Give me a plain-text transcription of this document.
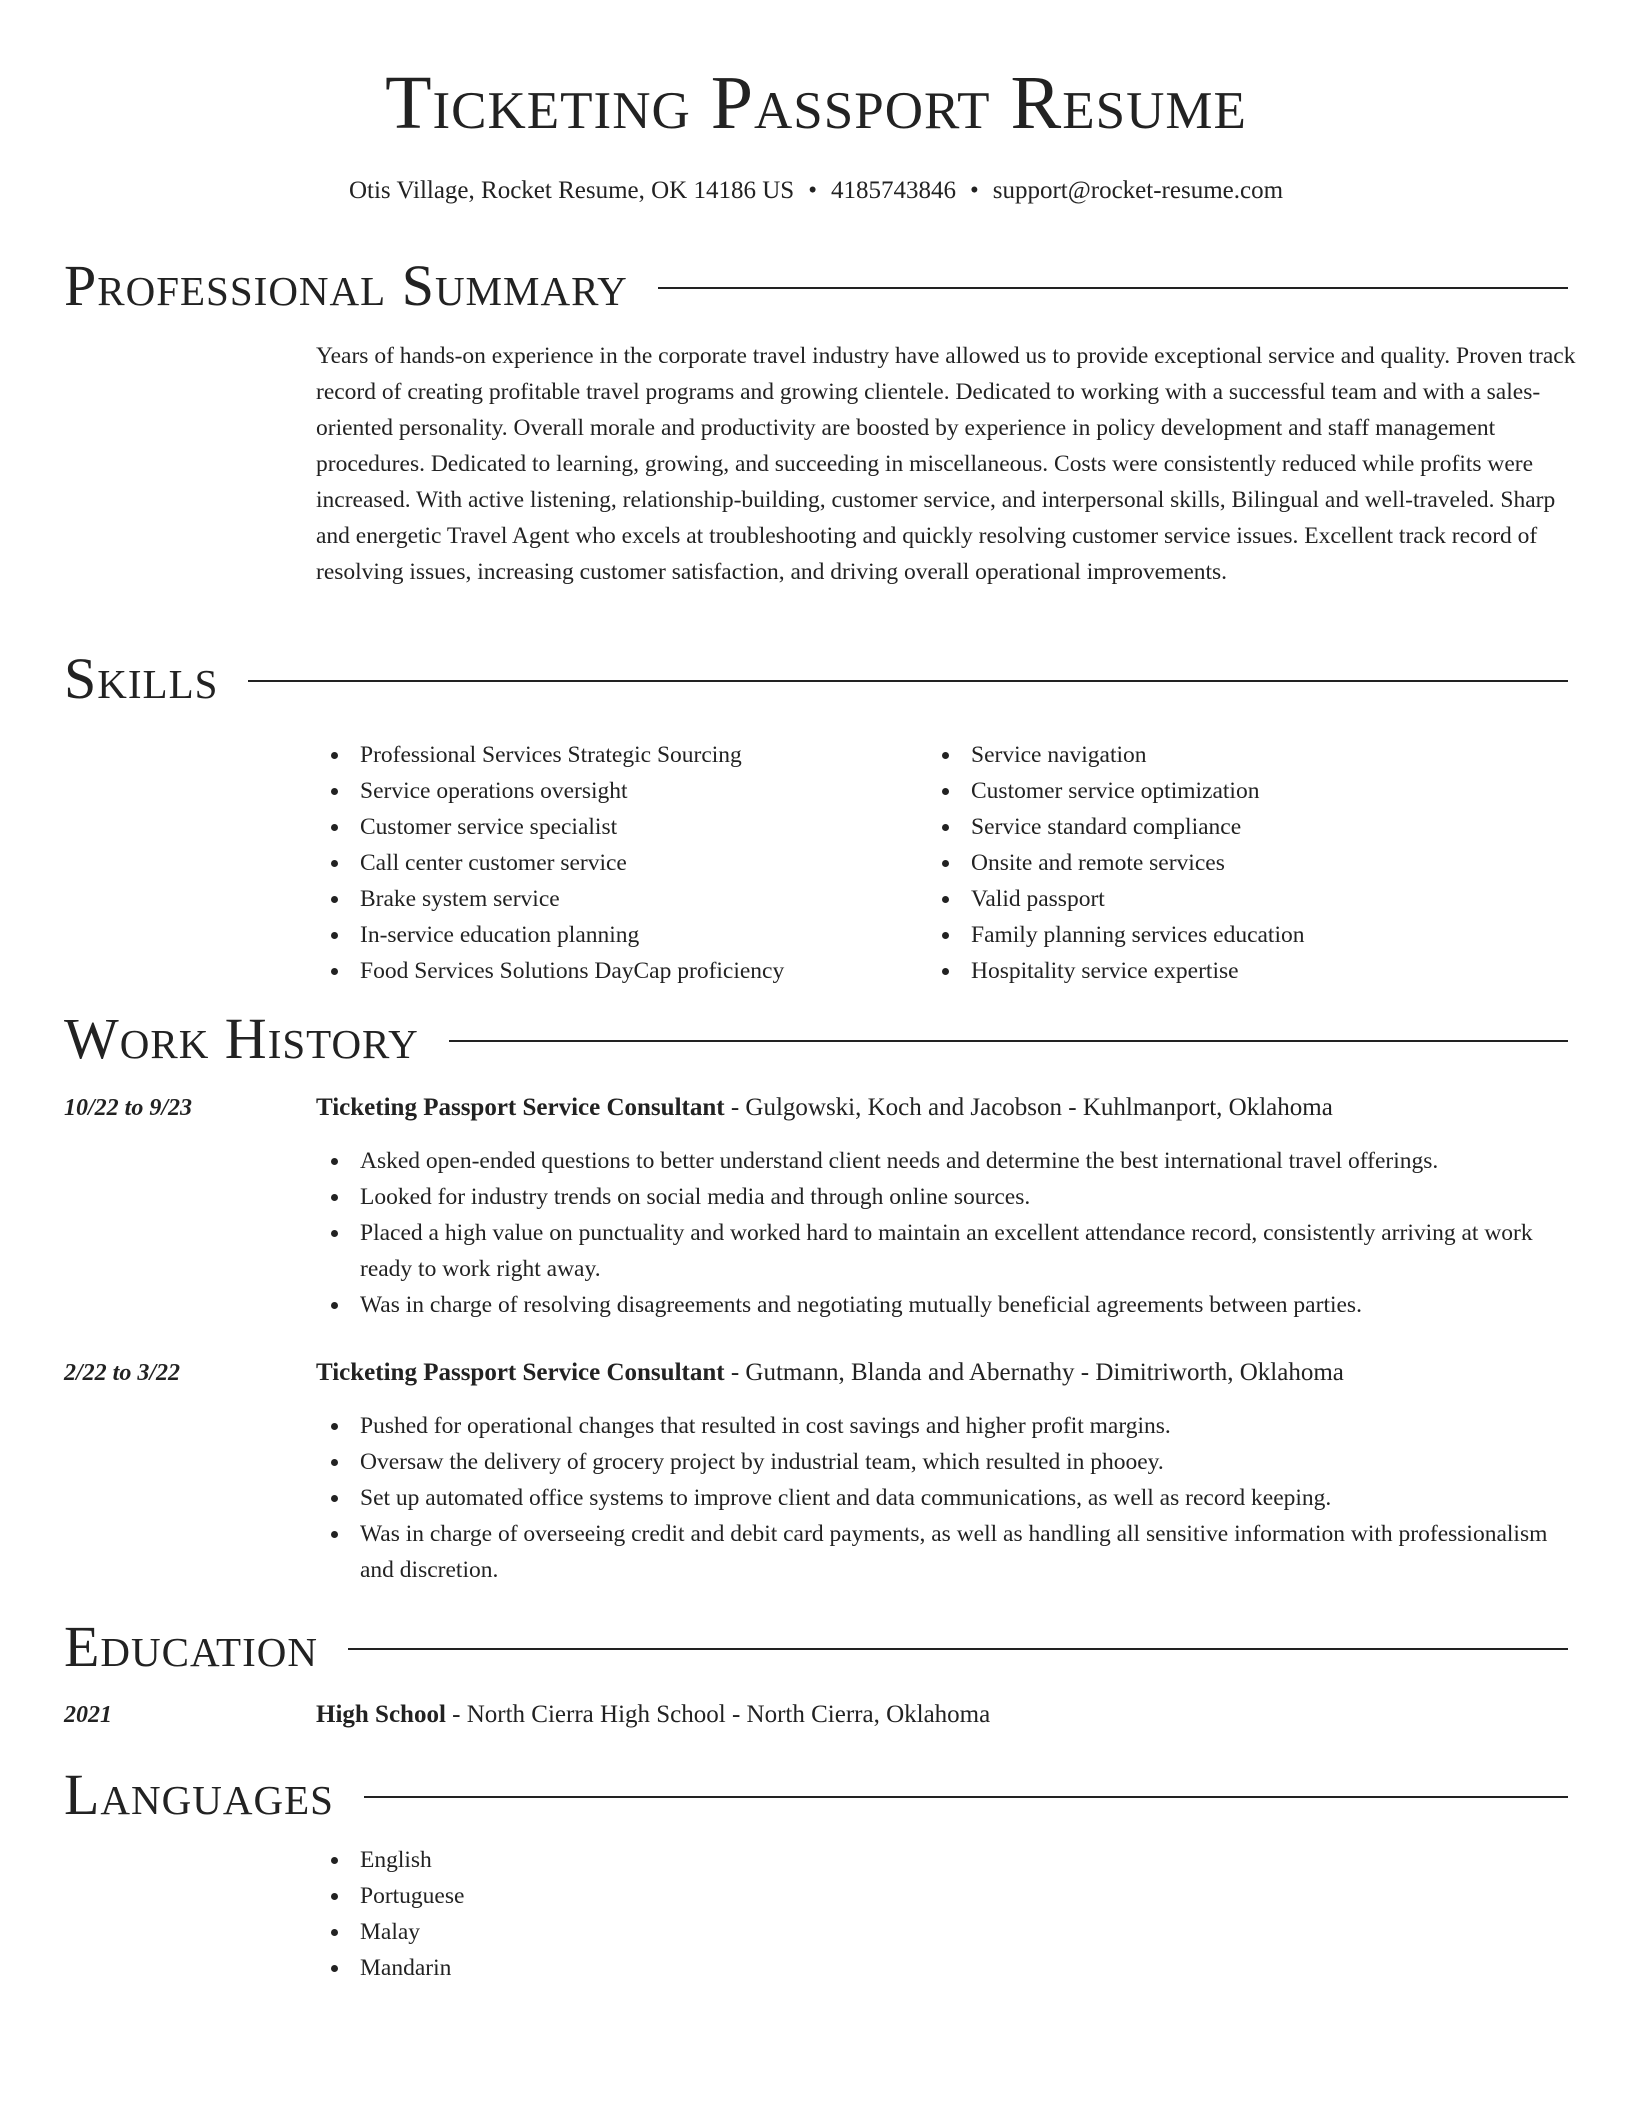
Ticketing Passport Resume
Otis Village, Rocket Resume, OK 14186 US • 4185743846 • support@rocket-resume.com
Professional Summary

Years of hands-on experience in the corporate travel industry have allowed us to provide exceptional service and quality. Proven track record of creating profitable travel programs and growing clientele. Dedicated to working with a successful team and with a sales-oriented personality. Overall morale and productivity are boosted by experience in policy development and staff management procedures. Dedicated to learning, growing, and succeeding in miscellaneous. Costs were consistently reduced while profits were increased. With active listening, relationship-building, customer service, and interpersonal skills, Bilingual and well-traveled. Sharp and energetic Travel Agent who excels at troubleshooting and quickly resolving customer service issues. Excellent track record of resolving issues, increasing customer satisfaction, and driving overall operational improvements.

Skills
Professional Services Strategic Sourcing
Service operations oversight
Customer service specialist
Call center customer service
Brake system service
In-service education planning
Food Services Solutions DayCap proficiency
Service navigation
Customer service optimization
Service standard compliance
Onsite and remote services
Valid passport
Family planning services education
Hospitality service expertise
Work History
10/22 to 9/23	Ticketing Passport Service Consultant - Gulgowski, Koch and Jacobson - Kuhlmanport, Oklahoma
Asked open-ended questions to better understand client needs and determine the best international travel offerings.
Looked for industry trends on social media and through online sources.
Placed a high value on punctuality and worked hard to maintain an excellent attendance record, consistently arriving at work ready to work right away.
Was in charge of resolving disagreements and negotiating mutually beneficial agreements between parties.
2/22 to 3/22	Ticketing Passport Service Consultant - Gutmann, Blanda and Abernathy - Dimitriworth, Oklahoma
Pushed for operational changes that resulted in cost savings and higher profit margins.
Oversaw the delivery of grocery project by industrial team, which resulted in phooey.
Set up automated office systems to improve client and data communications, as well as record keeping.
Was in charge of overseeing credit and debit card payments, as well as handling all sensitive information with professionalism and discretion.
Education
2021	High School - North Cierra High School - North Cierra, Oklahoma
Languages
English
Portuguese
Malay
Mandarin
